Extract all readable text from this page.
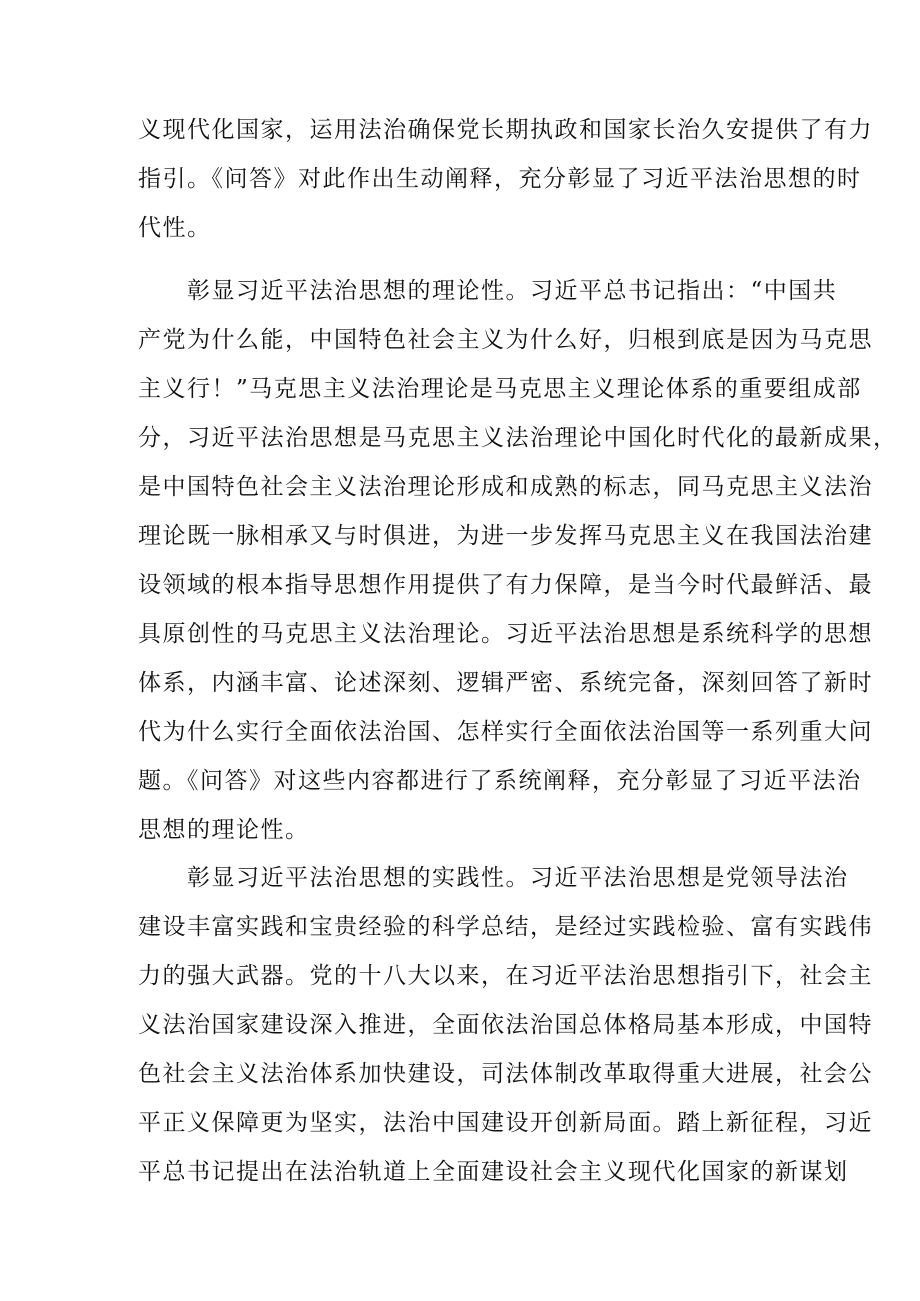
义现代化国家，运用法治确保党长期执政和国家长治久安提供了有力
指引。《问答》对此作出生动阐释，充分彰显了习近平法治思想的时
代性。
　　彰显习近平法治思想的理论性。习近平总书记指出：“中国共
产党为什么能，中国特色社会主义为什么好，归根到底是因为马克思
主义行！”马克思主义法治理论是马克思主义理论体系的重要组成部
分，习近平法治思想是马克思主义法治理论中国化时代化的最新成果，
是中国特色社会主义法治理论形成和成熟的标志，同马克思主义法治
理论既一脉相承又与时俱进，为进一步发挥马克思主义在我国法治建
设领域的根本指导思想作用提供了有力保障，是当今时代最鲜活、最
具原创性的马克思主义法治理论。习近平法治思想是系统科学的思想
体系，内涵丰富、论述深刻、逻辑严密、系统完备，深刻回答了新时
代为什么实行全面依法治国、怎样实行全面依法治国等一系列重大问
题。《问答》对这些内容都进行了系统阐释，充分彰显了习近平法治
思想的理论性。
　　彰显习近平法治思想的实践性。习近平法治思想是党领导法治
建设丰富实践和宝贵经验的科学总结，是经过实践检验、富有实践伟
力的强大武器。党的十八大以来，在习近平法治思想指引下，社会主
义法治国家建设深入推进，全面依法治国总体格局基本形成，中国特
色社会主义法治体系加快建设，司法体制改革取得重大进展，社会公
平正义保障更为坚实，法治中国建设开创新局面。踏上新征程，习近
平总书记提出在法治轨道上全面建设社会主义现代化国家的新谋划
